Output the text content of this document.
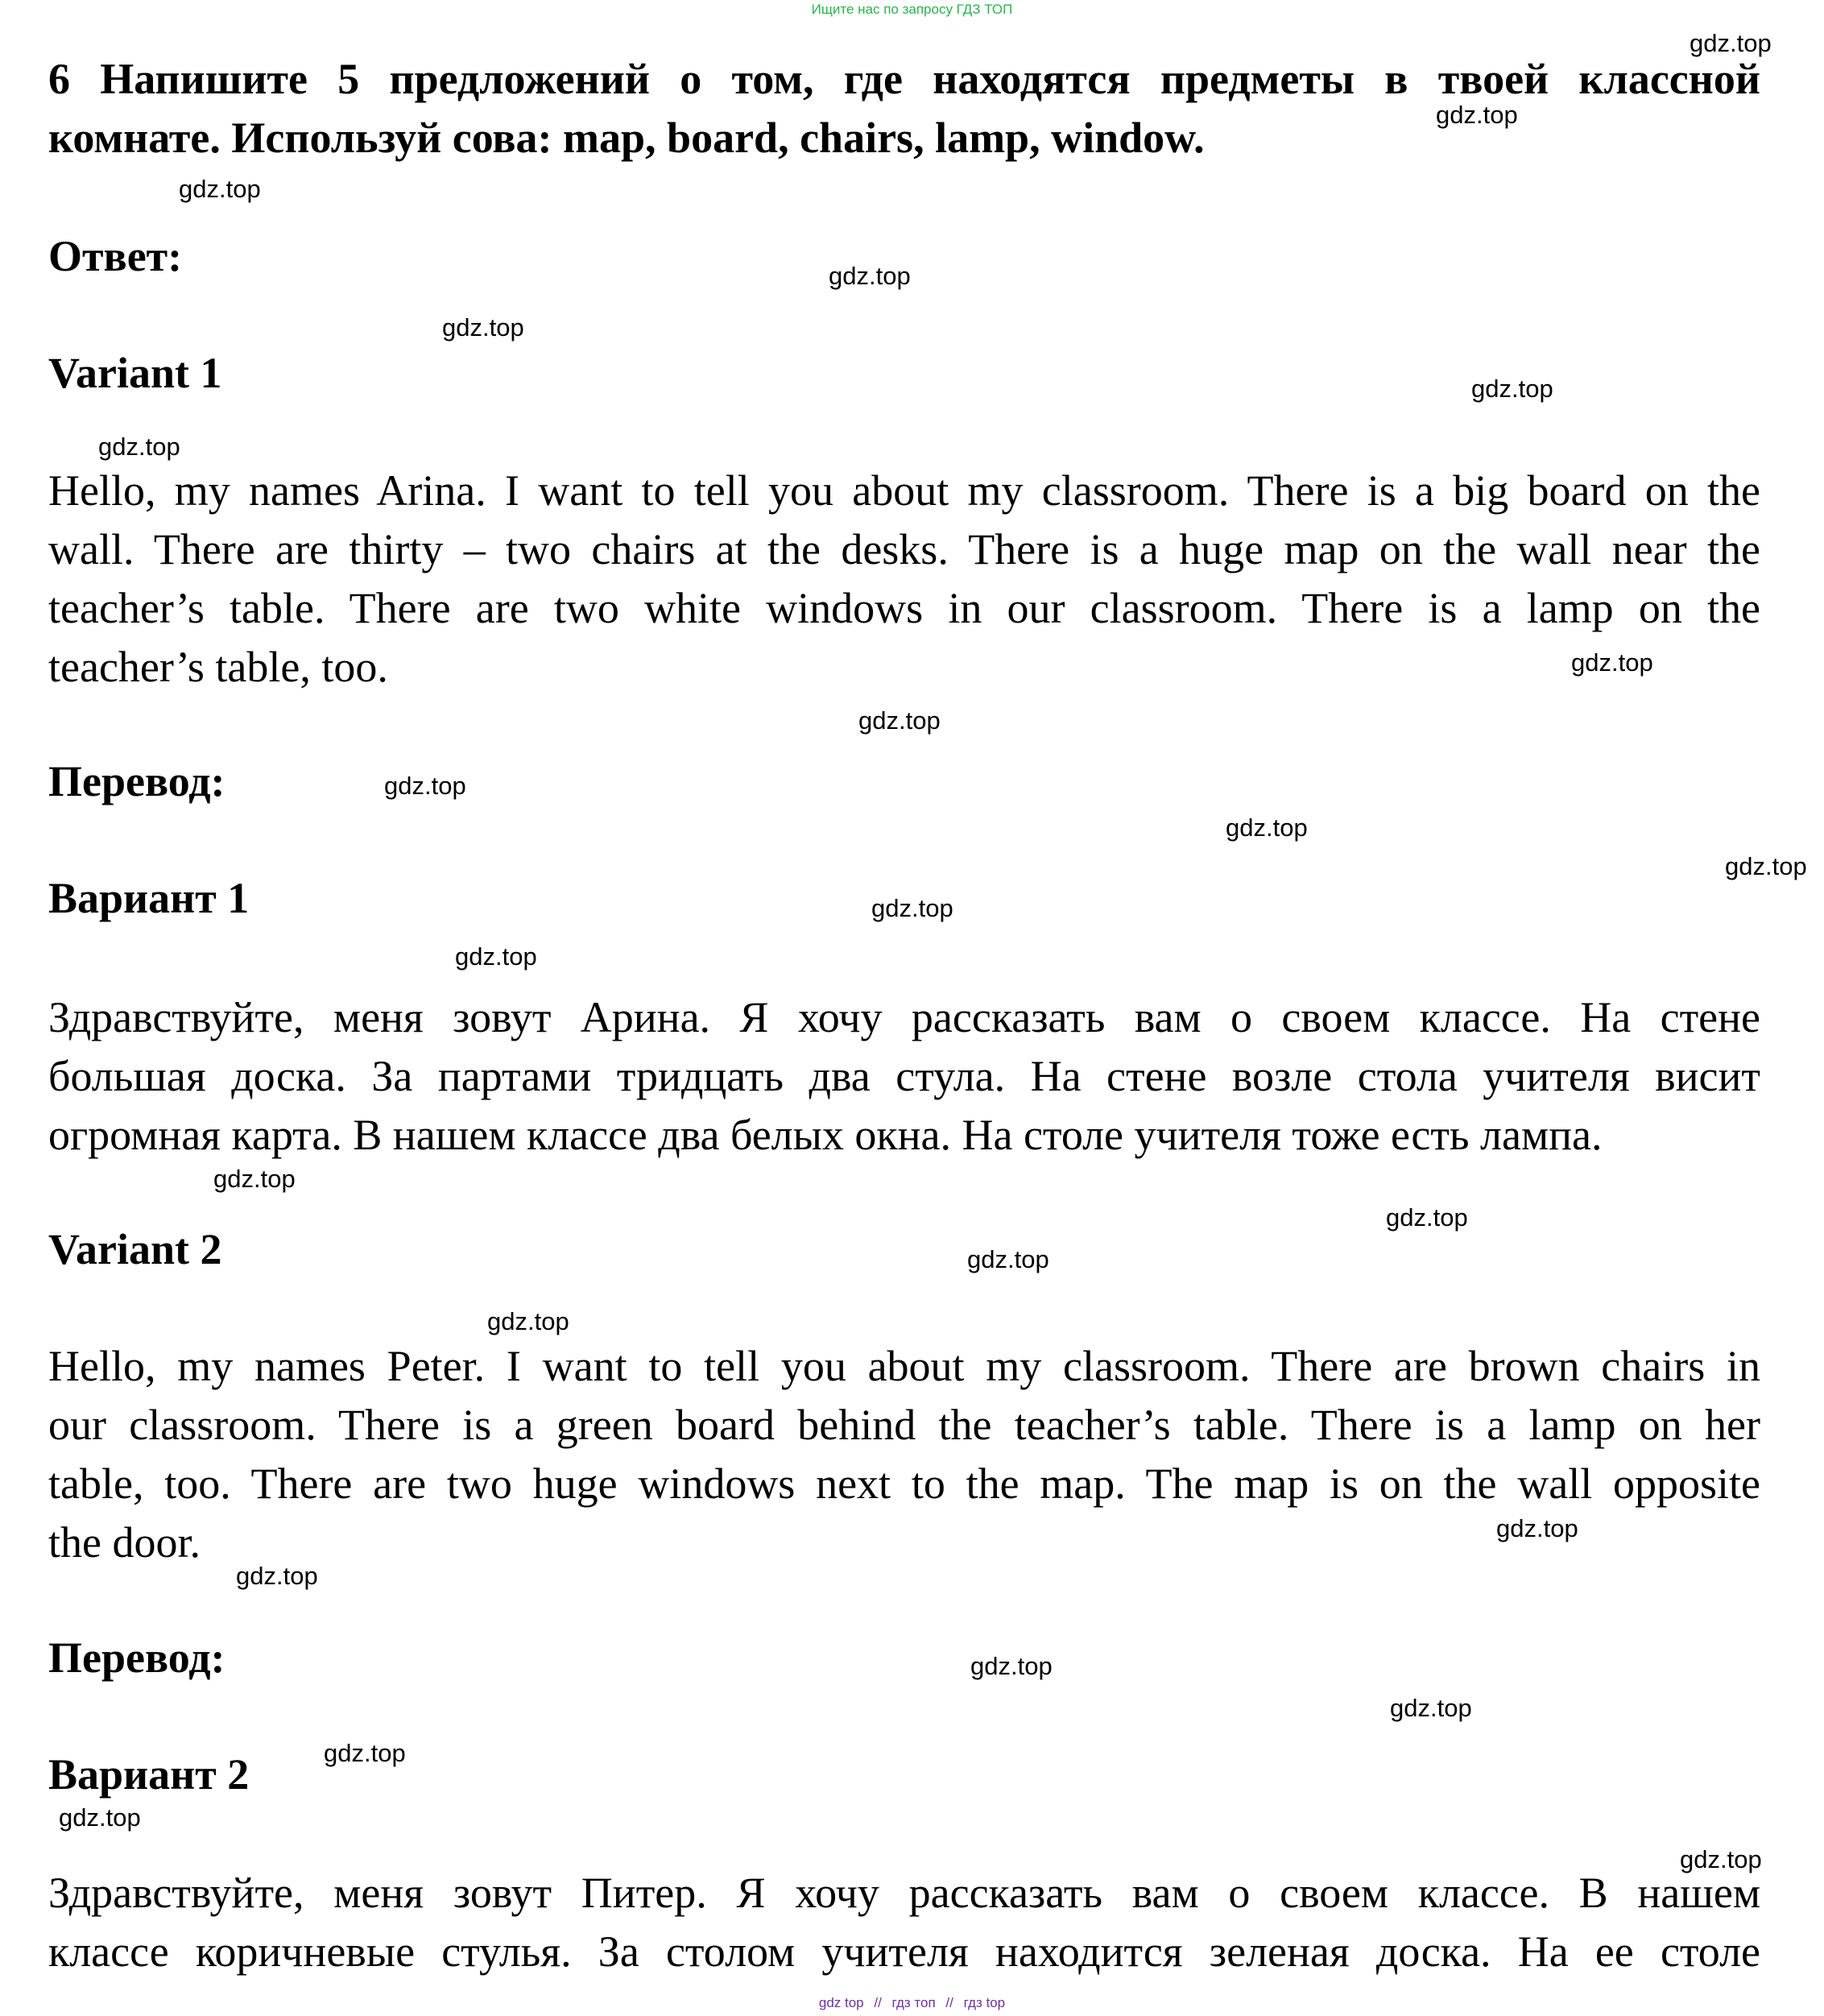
Ищите нас по запросу ГДЗ ТОП

6 Напишите 5 предложений о том, где находятся предметы в твоей классной
комнате. Используй сова: map, board, chairs, lamp, window.

Ответ:
Variant 1

Hello, my names Arina. I want to tell you about my classroom. There is a big board on the
wall. There are thirty – two chairs at the desks. There is a huge map on the wall near the
teacher’s table. There are two white windows in our classroom. There is a lamp on the
teacher’s table, too.

Перевод:
Вариант 1

Здравствуйте, меня зовут Арина. Я хочу рассказать вам о своем классе. На стене
большая доска. За партами тридцать два стула. На стене возле стола учителя висит
огромная карта. В нашем классе два белых окна. На столе учителя тоже есть лампа.

Variant 2

Hello, my names Peter. I want to tell you about my classroom. There are brown chairs in
our classroom. There is a green board behind the teacher’s table. There is a lamp on her
table, too. There are two huge windows next to the map. The map is on the wall opposite
the door.

Перевод:
Вариант 2

Здравствуйте, меня зовут Питер. Я хочу рассказать вам о своем классе. В нашем
классе коричневые стулья. За столом учителя находится зеленая доска. На ее столе

gdz.top
gdz.top
gdz.top
gdz.top
gdz.top
gdz.top
gdz.top
gdz.top
gdz.top
gdz.top
gdz.top
gdz.top
gdz.top
gdz.top
gdz.top
gdz.top
gdz.top
gdz.top
gdz.top
gdz.top
gdz.top
gdz.top
gdz.top
gdz.top
gdz.top
gdz top // гдз топ // гдз top
